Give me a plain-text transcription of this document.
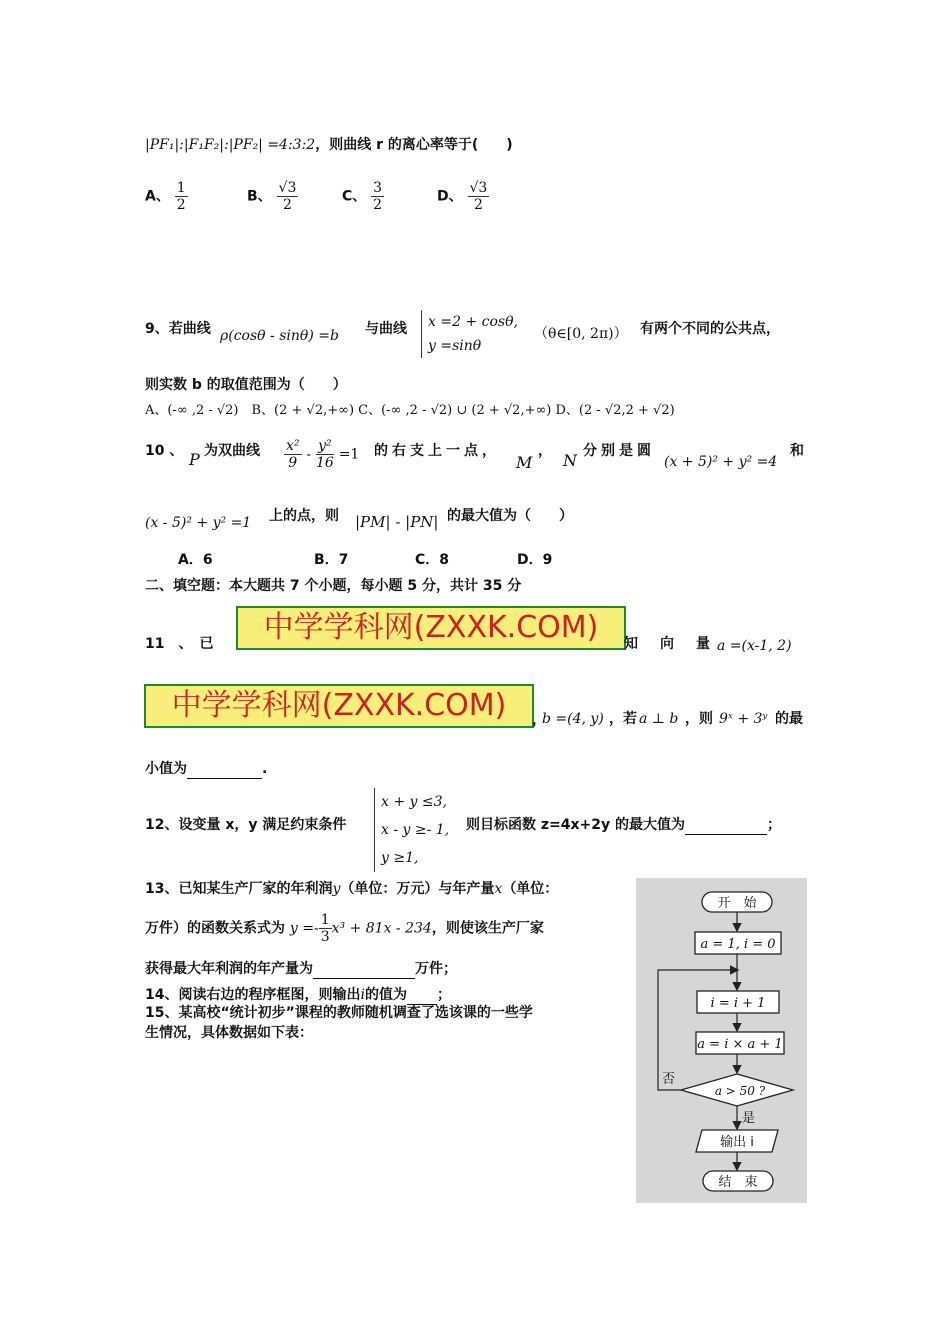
|PF₁|:|F₁F₂|:|PF₂| =4:3:2，则曲线 r 的离心率等于(　　)
A、 $\frac{1}{2}$	B、 $\frac{√3}{2}$	C、 $\frac{3}{2}$	D、 $\frac{√3}{2}$
9、若曲线 ρ(cosθ - sinθ) =b 与曲线 x =2 + cosθ,
y =sinθ
（θ∈[0, 2π)） 有两个不同的公共点，
则实数 b 的取值范围为（　　）
A、(-∞ ,2 - √2)　B、(2 + √2,+∞) C、(-∞ ,2 - √2) ∪ (2 + √2,+∞) D、(2 - √2,2 + √2)
10 、 P 为双曲线 $\frac{\text{x²}}{9} - \frac{\text{y²}}{16} =1$ 的右支上一点，
M
， N 分别是圆
(x + 5)² + y² =4
和
(x - 5)² + y² =1 上的点，则 |PM| - |PN| 的最大值为（　　）
A．6	B．7	C．8	D．9
二、填空题：本大题共 7 个小题，每小题 5 分，共计 35 分
11　、　已	中学学科网(ZXXK.COM)	知　向　量 a =(x-1, 2)
中学学科网(ZXXK.COM)	，
b =(4, y) ，若 a ⊥ b ，则 9ˣ + 3ʸ 的最
小值为	.
12、设变量 x，y 满足约束条件
x + y ≤3,
x - y ≥- 1,
y ≥1,
则目标函数 z=4x+2y 的最大值为	；
13、已知某生产厂家的年利润y（单位：万元）与年产量x（单位：
万件）的函数关系式为 $y =- \frac{1}{3} x^3 + 81x - 234$，则使该生产厂家
获得最大年利润的年产量为	万件；
14、阅读右边的程序框图，则输出i的值为 ；
15、某高校“统计初步”课程的教师随机调查了选该课的一些学
生情况，具体数据如下表：
开　始
a = 1, i = 0
i = i + 1
a = i × a + 1
a > 50 ?
否
是
输出 i
结　束
